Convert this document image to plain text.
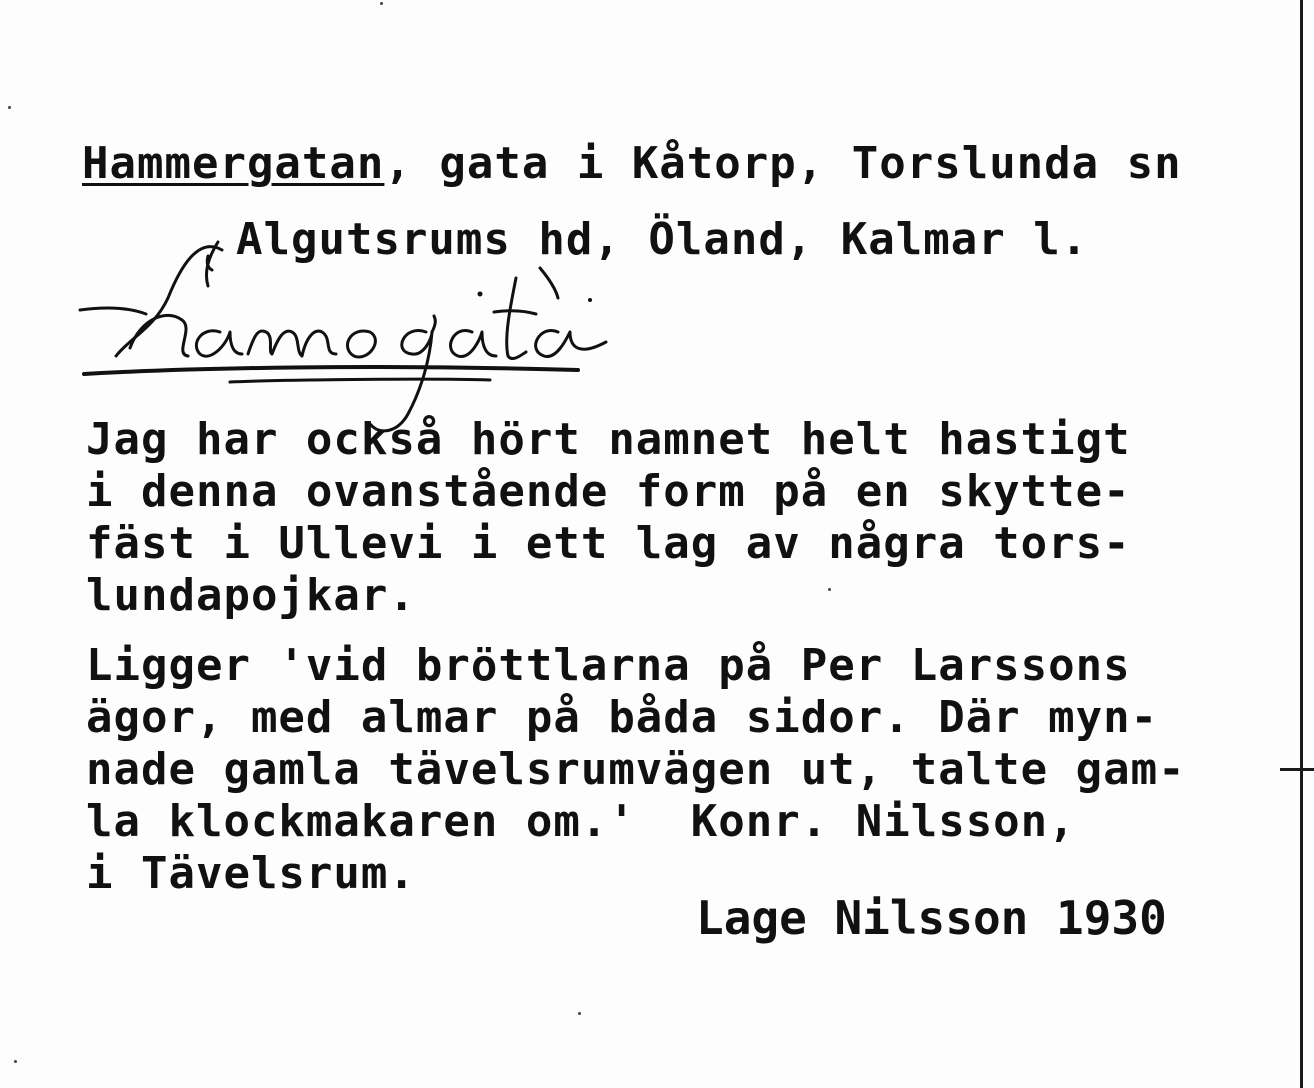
Hammergatan, gata i Kåtorp, Torslunda sn
Algutsrums hd, Öland, Kalmar l.
Jag har också hört namnet helt hastigt
i denna ovanstående form på en skytte-
fäst i Ullevi i ett lag av några tors-
lundapojkar.
Ligger 'vid bröttlarna på Per Larssons
ägor, med almar på båda sidor. Där myn-
nade gamla tävelsrumvägen ut, talte gam-
la klockmakaren om.'  Konr. Nilsson,
i Tävelsrum.
Lage Nilsson 1930
